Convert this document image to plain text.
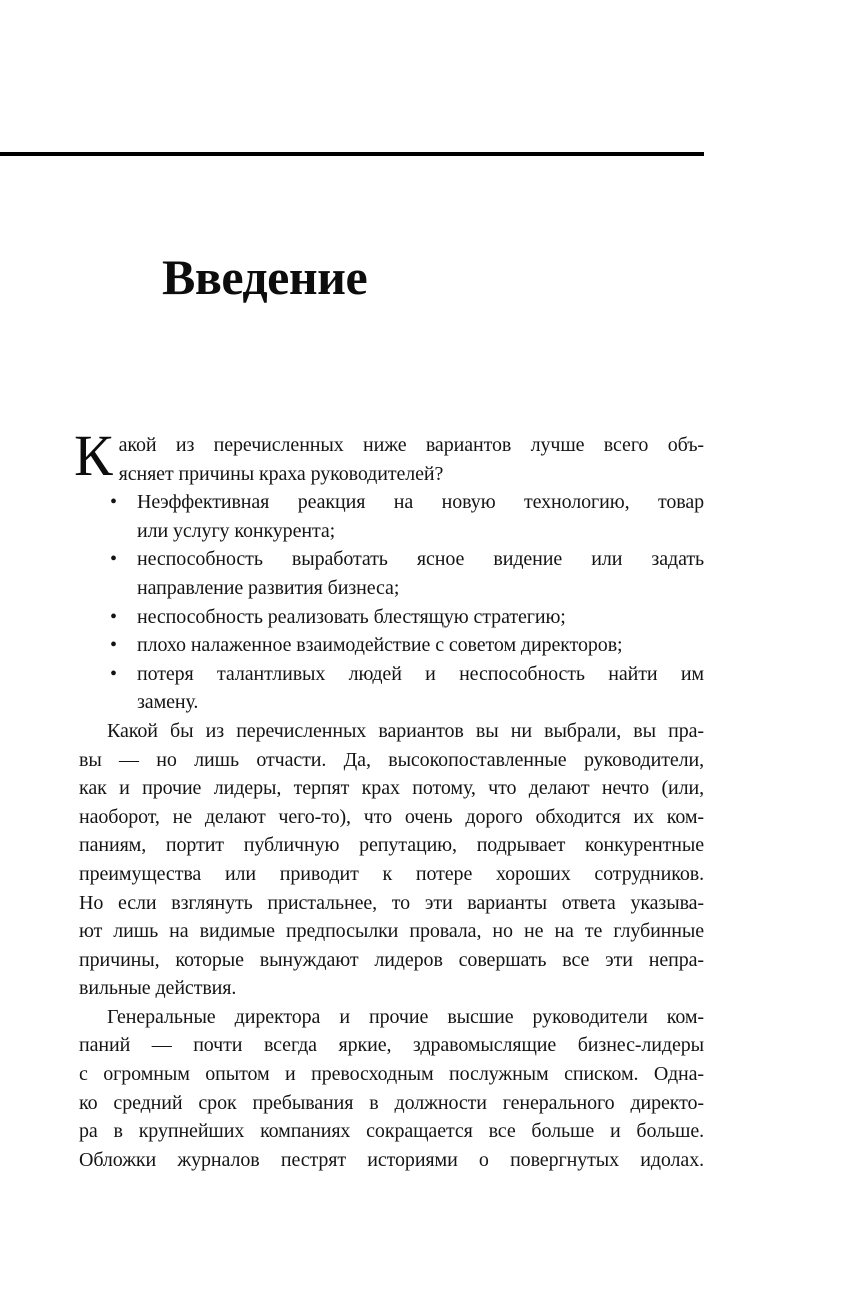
Введение
Какой из перечисленных ниже вариантов лучше всего объ-
ясняет причины краха руководителей?
• Неэффективная реакция на новую технологию, товар
или услугу конкурента;
• неспособность выработать ясное видение или задать
направление развития бизнеса;
• неспособность реализовать блестящую стратегию;
• плохо налаженное взаимодействие с советом директоров;
• потеря талантливых людей и неспособность найти им
замену.
Какой бы из перечисленных вариантов вы ни выбрали, вы пра-
вы — но лишь отчасти. Да, высокопоставленные руководители,
как и прочие лидеры, терпят крах потому, что делают нечто (или,
наоборот, не делают чего-то), что очень дорого обходится их ком-
паниям, портит публичную репутацию, подрывает конкурентные
преимущества или приводит к потере хороших сотрудников.
Но если взглянуть пристальнее, то эти варианты ответа указыва-
ют лишь на видимые предпосылки провала, но не на те глубинные
причины, которые вынуждают лидеров совершать все эти непра-
вильные действия.
Генеральные директора и прочие высшие руководители ком-
паний — почти всегда яркие, здравомыслящие бизнес-лидеры
с огромным опытом и превосходным послужным списком. Одна-
ко средний срок пребывания в должности генерального директо-
ра в крупнейших компаниях сокращается все больше и больше.
Обложки журналов пестрят историями о повергнутых идолах.
